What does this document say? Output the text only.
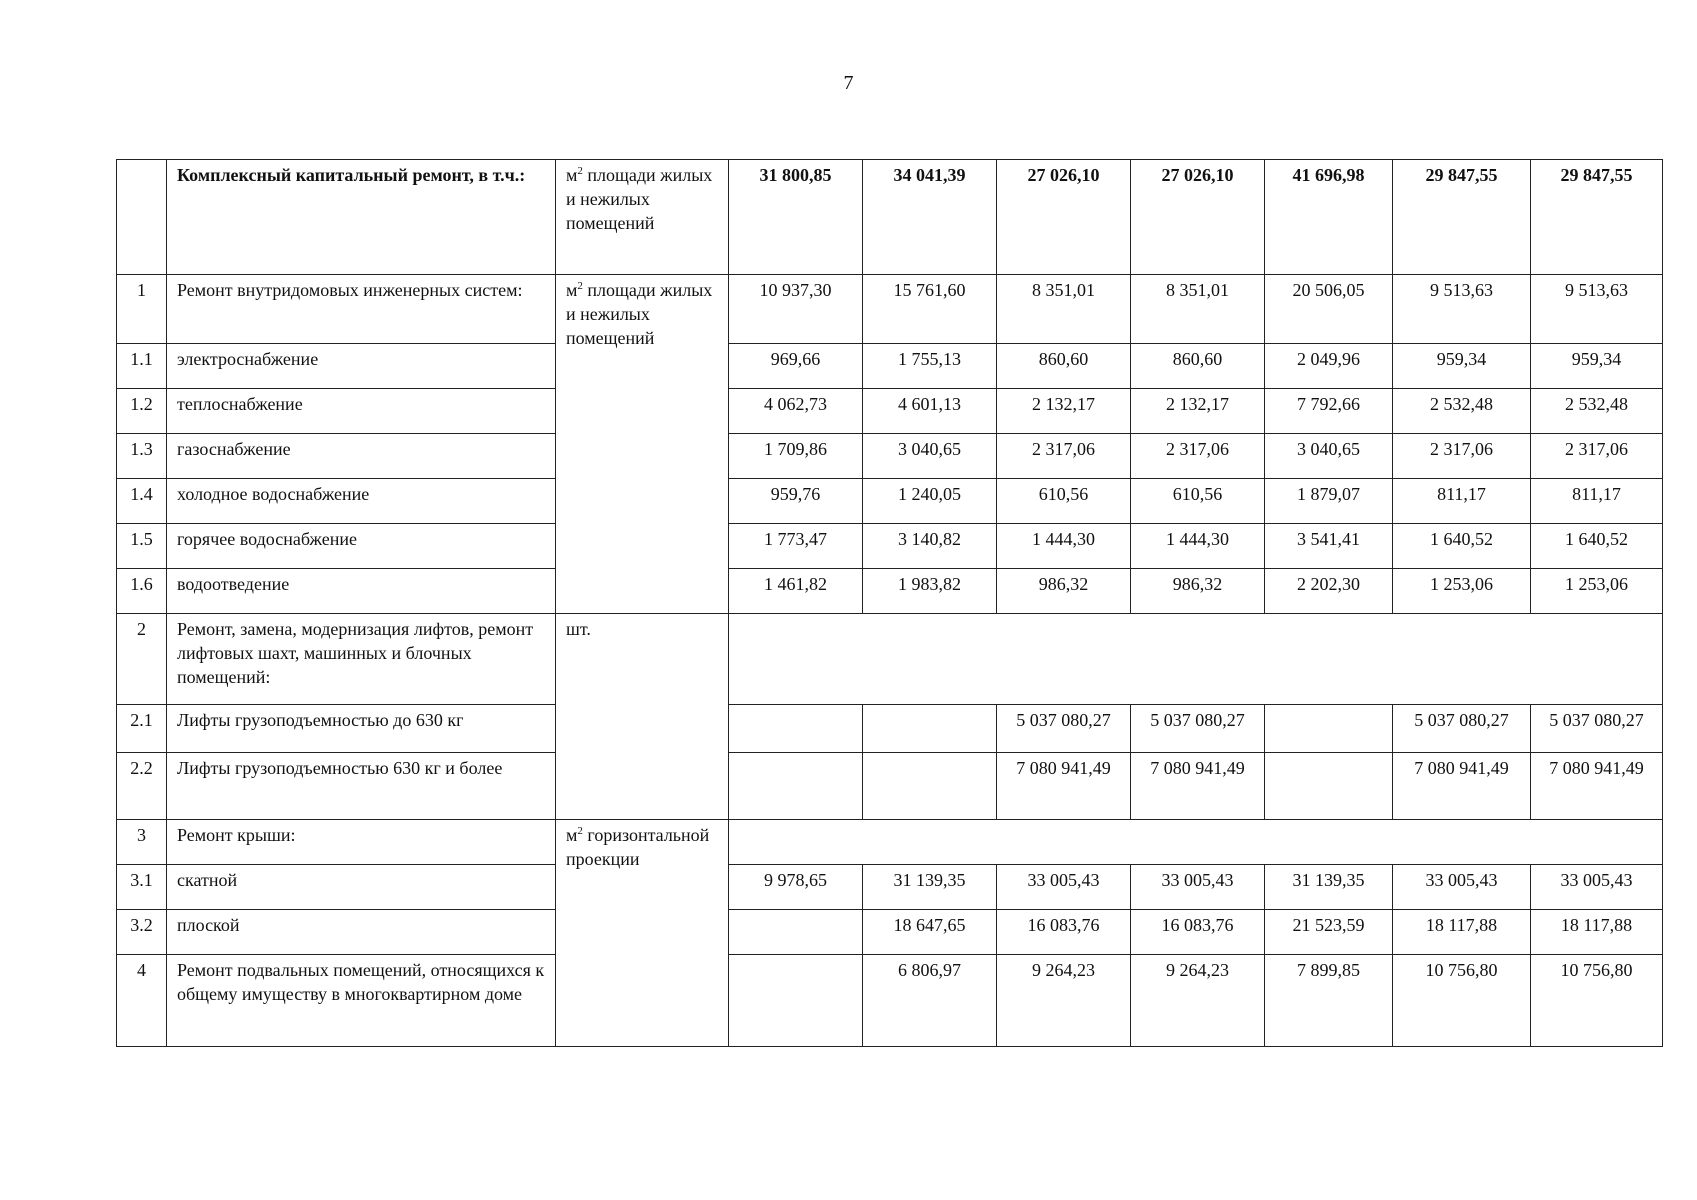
7
	Комплексный капитальный ремонт, в т.ч.:	$м^2$ площади жилых и нежилых помещений	31 800,85	34 041,39	27 026,10	27 026,10	41 696,98	29 847,55	29 847,55
1	Ремонт внутридомовых инженерных систем:	$м^2$ площади жилых и нежилых помещений	10 937,30	15 761,60	8 351,01	8 351,01	20 506,05	9 513,63	9 513,63
1.1	электроснабжение		969,66	1 755,13	860,60	860,60	2 049,96	959,34	959,34
1.2	теплоснабжение		4 062,73	4 601,13	2 132,17	2 132,17	7 792,66	2 532,48	2 532,48
1.3	газоснабжение		1 709,86	3 040,65	2 317,06	2 317,06	3 040,65	2 317,06	2 317,06
1.4	холодное водоснабжение		959,76	1 240,05	610,56	610,56	1 879,07	811,17	811,17
1.5	горячее водоснабжение		1 773,47	3 140,82	1 444,30	1 444,30	3 541,41	1 640,52	1 640,52
1.6	водоотведение		1 461,82	1 983,82	986,32	986,32	2 202,30	1 253,06	1 253,06
2	Ремонт, замена, модернизация лифтов, ремонт лифтовых шахт, машинных и блочных помещений:	шт.							
2.1	Лифты грузоподъемностью до 630 кг				5 037 080,27	5 037 080,27		5 037 080,27	5 037 080,27
2.2	Лифты грузоподъемностью 630 кг и более				7 080 941,49	7 080 941,49		7 080 941,49	7 080 941,49
3	Ремонт крыши:	$м^2$ горизонтальной проекции							
3.1	скатной		9 978,65	31 139,35	33 005,43	33 005,43	31 139,35	33 005,43	33 005,43
3.2	плоской			18 647,65	16 083,76	16 083,76	21 523,59	18 117,88	18 117,88
4	Ремонт подвальных помещений, относящихся к общему имуществу в многоквартирном доме			6 806,97	9 264,23	9 264,23	7 899,85	10 756,80	10 756,80
